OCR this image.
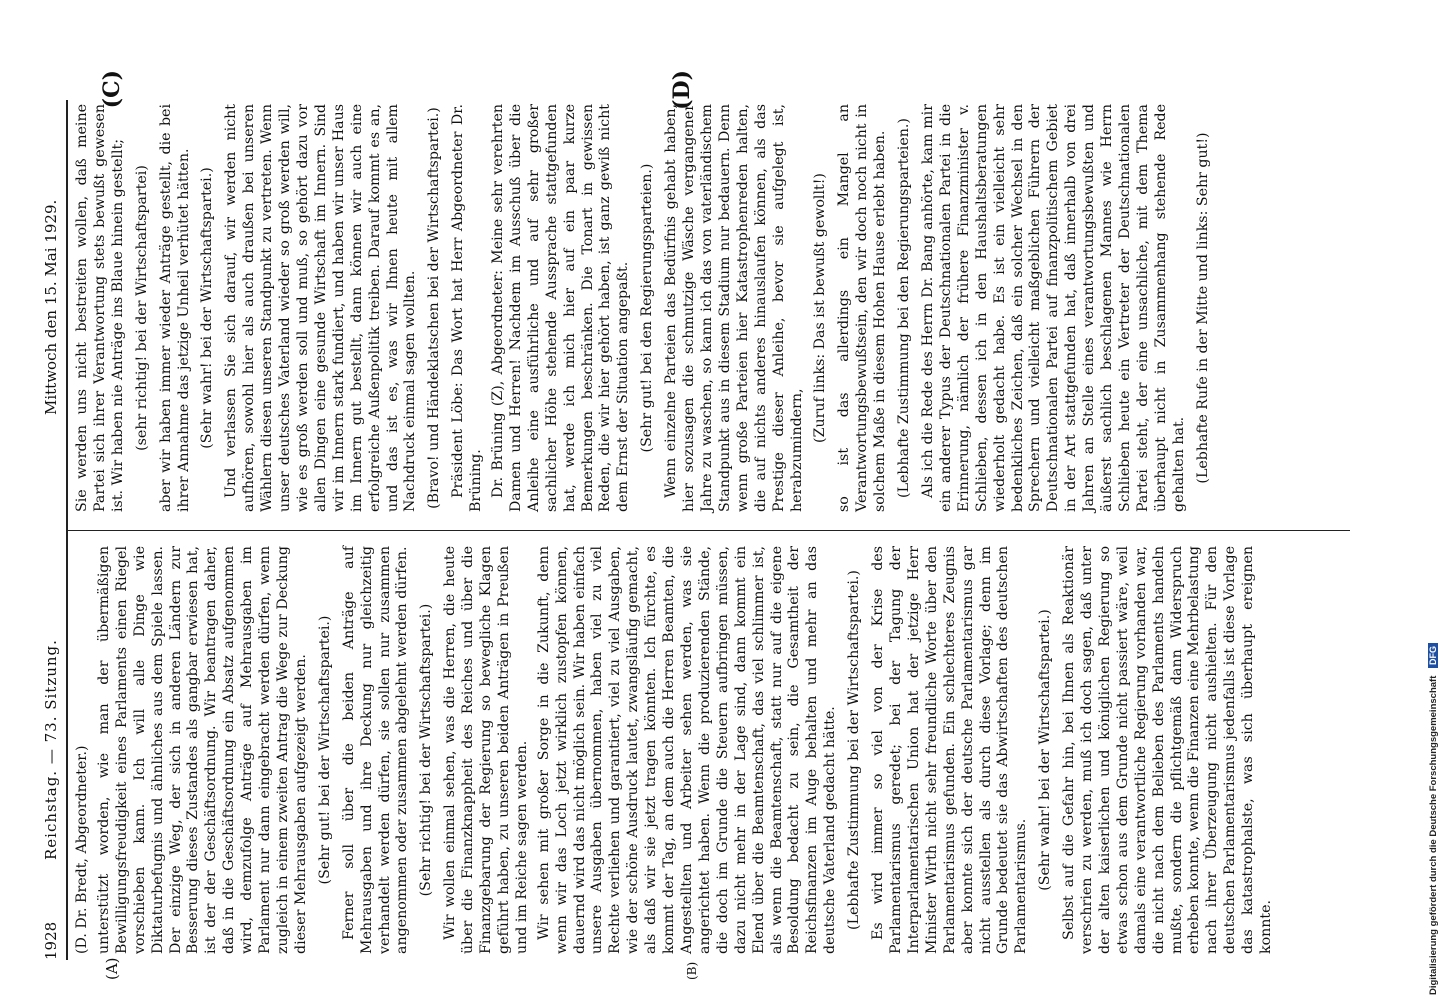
1928
Reichstag. — 73. Sitzung.
Mittwoch den 15. Mai 1929.
(A)	(B)

(D. Dr. Bredt, Abgeordneter.) unterstützt worden, wie man der übermäßigen Bewilligungsfreudigkeit eines Parlaments einen Riegel vorschieben kann. Ich will alle Dinge wie Diktaturbefugnis und ähnliches aus dem Spiele lassen. Der einzige Weg, der sich in anderen Ländern zur Besserung dieses Zustandes als gangbar erwiesen hat, ist der der Geschäftsordnung. Wir beantragen daher, daß in die Geschäftsordnung ein Absatz aufgenommen wird, demzufolge Anträge auf Mehrausgaben im Parlament nur dann eingebracht werden dürfen, wenn zugleich in einem zweiten Antrag die Wege zur Deckung dieser Mehrausgaben aufgezeigt werden. (Sehr gut! bei der Wirtschaftspartei.) Ferner soll über die beiden Anträge auf Mehrausgaben und ihre Deckung nur gleichzeitig verhandelt werden dürfen, sie sollen nur zusammen angenommen oder zusammen abgelehnt werden dürfen. (Sehr richtig! bei der Wirtschaftspartei.) Wir wollen einmal sehen, was die Herren, die heute über die Finanzknappheit des Reiches und über die Finanzgebarung der Regierung so bewegliche Klagen geführt haben, zu unseren beiden Anträgen in Preußen und im Reiche sagen werden. Wir sehen mit großer Sorge in die Zukunft, denn wenn wir das Loch jetzt wirklich zustopfen können, dauernd wird das nicht möglich sein. Wir haben einfach unsere Ausgaben übernommen, haben viel zu viel Rechte verliehen und garantiert, viel zu viel Ausgaben, wie der schöne Ausdruck lautet, zwangsläufig gemacht, als daß wir sie jetzt tragen könnten. Ich fürchte, es kommt der Tag, an dem auch die Herren Beamten, die Angestellten und Arbeiter sehen werden, was sie angerichtet haben. Wenn die produzierenden Stände, die doch im Grunde die Steuern aufbringen müssen, dazu nicht mehr in der Lage sind, dann kommt ein Elend über die Beamtenschaft, das viel schlimmer ist, als wenn die Beamtenschaft, statt nur auf die eigene Besoldung bedacht zu sein, die Gesamtheit der Reichsfinanzen im Auge behalten und mehr an das deutsche Vaterland gedacht hätte. (Lebhafte Zustimmung bei der Wirtschaftspartei.) Es wird immer so viel von der Krise des Parlamentarismus geredet; bei der Tagung der Interparlamentarischen Union hat der jetzige Herr Minister Wirth nicht sehr freundliche Worte über den Parlamentarismus gefunden. Ein schlechteres Zeugnis aber konnte sich der deutsche Parlamentarismus gar nicht ausstellen als durch diese Vorlage; denn im Grunde bedeutet sie das Abwirtschaften des deutschen Parlamentarismus. (Sehr wahr! bei der Wirtschaftspartei.) Selbst auf die Gefahr hin, bei Ihnen als Reaktionär verschrien zu werden, muß ich doch sagen, daß unter der alten kaiserlichen und königlichen Regierung so etwas schon aus dem Grunde nicht passiert wäre, weil damals eine verantwortliche Regierung vorhanden war, die nicht nach dem Belieben des Parlaments handeln mußte, sondern die pflichtgemäß dann Widerspruch erheben konnte, wenn die Finanzen eine Mehrbelastung nach ihrer Überzeugung nicht aushielten. Für den deutschen Parlamentarismus jedenfalls ist diese Vorlage das katastrophalste, was sich überhaupt ereignen konnte.

(C)	(D)

Sie werden uns nicht bestreiten wollen, daß meine Partei sich ihrer Verantwortung stets bewußt gewesen ist. Wir haben nie Anträge ins Blaue hinein gestellt; (sehr richtig! bei der Wirtschaftspartei) aber wir haben immer wieder Anträge gestellt, die bei ihrer Annahme das jetzige Unheil verhütet hätten. (Sehr wahr! bei der Wirtschaftspartei.) Und verlassen Sie sich darauf, wir werden nicht aufhören, sowohl hier als auch draußen bei unseren Wählern diesen unseren Standpunkt zu vertreten. Wenn unser deutsches Vaterland wieder so groß werden will, wie es groß werden soll und muß, so gehört dazu vor allen Dingen eine gesunde Wirtschaft im Innern. Sind wir im Innern stark fundiert, und haben wir unser Haus im Innern gut bestellt, dann können wir auch eine erfolgreiche Außenpolitik treiben. Darauf kommt es an, und das ist es, was wir Ihnen heute mit allem Nachdruck einmal sagen wollten. (Bravo! und Händeklatschen bei der Wirtschaftspartei.) Präsident Löbe: Das Wort hat Herr Abgeordneter Dr. Brüning. Dr. Brüning (Z), Abgeordneter: Meine sehr verehrten Damen und Herren! Nachdem im Ausschuß über die Anleihe eine ausführliche und auf sehr großer sachlicher Höhe stehende Aussprache stattgefunden hat, werde ich mich hier auf ein paar kurze Bemerkungen beschränken. Die Tonart in gewissen Reden, die wir hier gehört haben, ist ganz gewiß nicht dem Ernst der Situation angepaßt. (Sehr gut! bei den Regierungsparteien.) Wenn einzelne Parteien das Bedürfnis gehabt haben, hier sozusagen die schmutzige Wäsche vergangener Jahre zu waschen, so kann ich das von vaterländischem Standpunkt aus in diesem Stadium nur bedauern. Denn wenn große Parteien hier Katastrophenreden halten, die auf nichts anderes hinauslaufen können, als das Prestige dieser Anleihe, bevor sie aufgelegt ist, herabzumindern,

(Zuruf links: Das ist bewußt gewollt!) so ist das allerdings ein Mangel an Verantwortungsbewußtsein, den wir doch noch nicht in solchem Maße in diesem Hohen Hause erlebt haben. (Lebhafte Zustimmung bei den Regierungsparteien.) Als ich die Rede des Herrn Dr. Bang anhörte, kam mir ein anderer Typus der Deutschnationalen Partei in die Erinnerung, nämlich der frühere Finanzminister v. Schlieben, dessen ich in den Haushaltsberatungen wiederholt gedacht habe. Es ist ein vielleicht sehr bedenkliches Zeichen, daß ein solcher Wechsel in den Sprechern und vielleicht maßgeblichen Führern der Deutschnationalen Partei auf finanzpolitischem Gebiet in der Art stattgefunden hat, daß innerhalb von drei Jahren an Stelle eines verantwortungsbewußten und äußerst sachlich beschlagenen Mannes wie Herrn Schlieben heute ein Vertreter der Deutschnationalen Partei steht, der eine unsachliche, mit dem Thema überhaupt nicht in Zusammenhang stehende Rede gehalten hat. (Lebhafte Rufe in der Mitte und links: Sehr gut!)

Digitalisierung gefördert durch die Deutsche Forschungsgemeinschaft DFG
